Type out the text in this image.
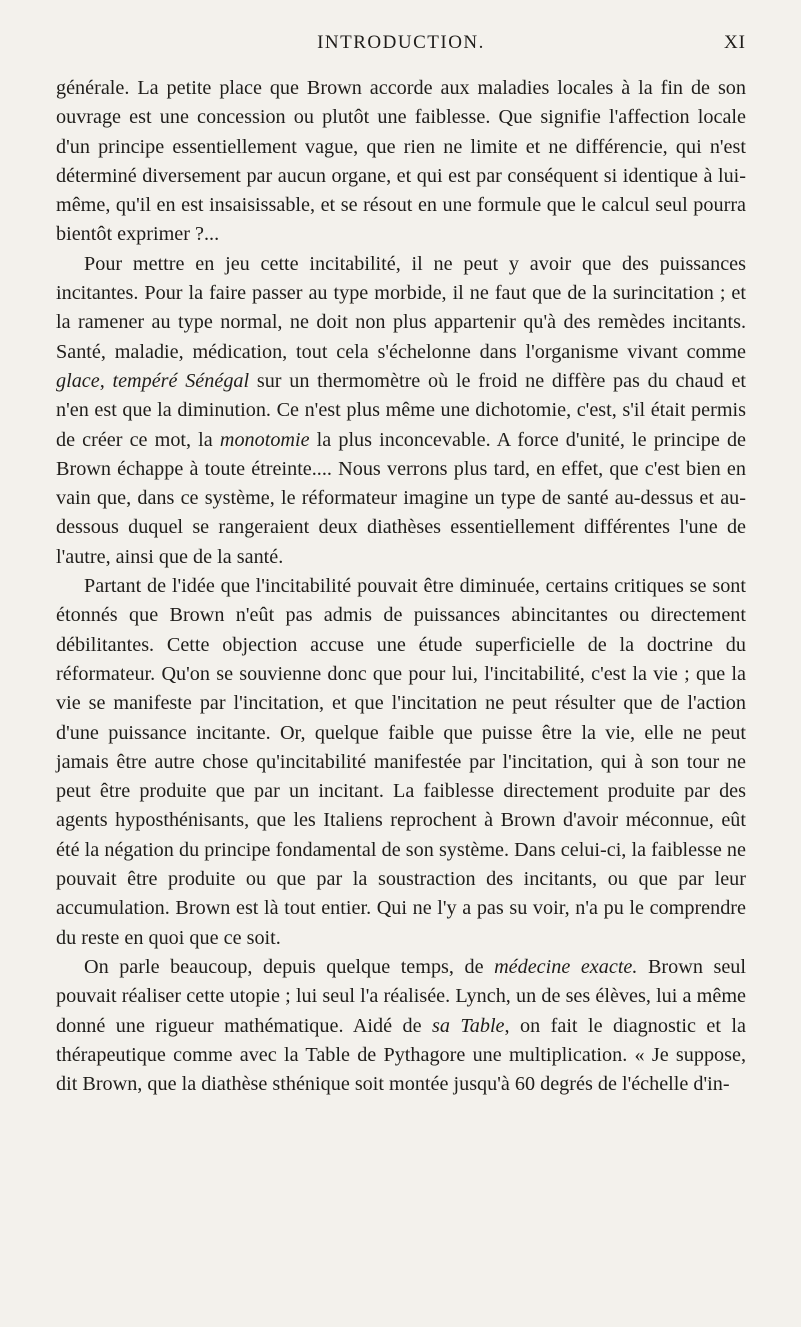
INTRODUCTION.	XI

générale. La petite place que Brown accorde aux maladies locales à la fin de son ouvrage est une concession ou plutôt une faiblesse. Que signifie l'affection locale d'un principe essentiellement vague, que rien ne limite et ne différencie, qui n'est déterminé diversement par aucun organe, et qui est par conséquent si identique à lui-même, qu'il en est insaisissable, et se résout en une formule que le calcul seul pourra bientôt exprimer ?...

Pour mettre en jeu cette incitabilité, il ne peut y avoir que des puissances incitantes. Pour la faire passer au type morbide, il ne faut que de la surincitation ; et la ramener au type normal, ne doit non plus appartenir qu'à des remèdes incitants. Santé, maladie, médication, tout cela s'échelonne dans l'organisme vivant comme glace, tempéré Sénégal sur un thermomètre où le froid ne diffère pas du chaud et n'en est que la diminution. Ce n'est plus même une dichotomie, c'est, s'il était permis de créer ce mot, la monotomie la plus inconcevable. A force d'unité, le principe de Brown échappe à toute étreinte.... Nous verrons plus tard, en effet, que c'est bien en vain que, dans ce système, le réformateur imagine un type de santé au-dessus et au-dessous duquel se rangeraient deux diathèses essentiellement différentes l'une de l'autre, ainsi que de la santé.

Partant de l'idée que l'incitabilité pouvait être diminuée, certains critiques se sont étonnés que Brown n'eût pas admis de puissances abincitantes ou directement débilitantes. Cette objection accuse une étude superficielle de la doctrine du réformateur. Qu'on se souvienne donc que pour lui, l'incitabilité, c'est la vie ; que la vie se manifeste par l'incitation, et que l'incitation ne peut résulter que de l'action d'une puissance incitante. Or, quelque faible que puisse être la vie, elle ne peut jamais être autre chose qu'incitabilité manifestée par l'incitation, qui à son tour ne peut être produite que par un incitant. La faiblesse directement produite par des agents hyposthénisants, que les Italiens reprochent à Brown d'avoir méconnue, eût été la négation du principe fondamental de son système. Dans celui-ci, la faiblesse ne pouvait être produite ou que par la soustraction des incitants, ou que par leur accumulation. Brown est là tout entier. Qui ne l'y a pas su voir, n'a pu le comprendre du reste en quoi que ce soit.

On parle beaucoup, depuis quelque temps, de médecine exacte. Brown seul pouvait réaliser cette utopie ; lui seul l'a réalisée. Lynch, un de ses élèves, lui a même donné une rigueur mathématique. Aidé de sa Table, on fait le diagnostic et la thérapeutique comme avec la Table de Pythagore une multiplication. « Je suppose, dit Brown, que la diathèse sthénique soit montée jusqu'à 60 degrés de l'échelle d'in-
